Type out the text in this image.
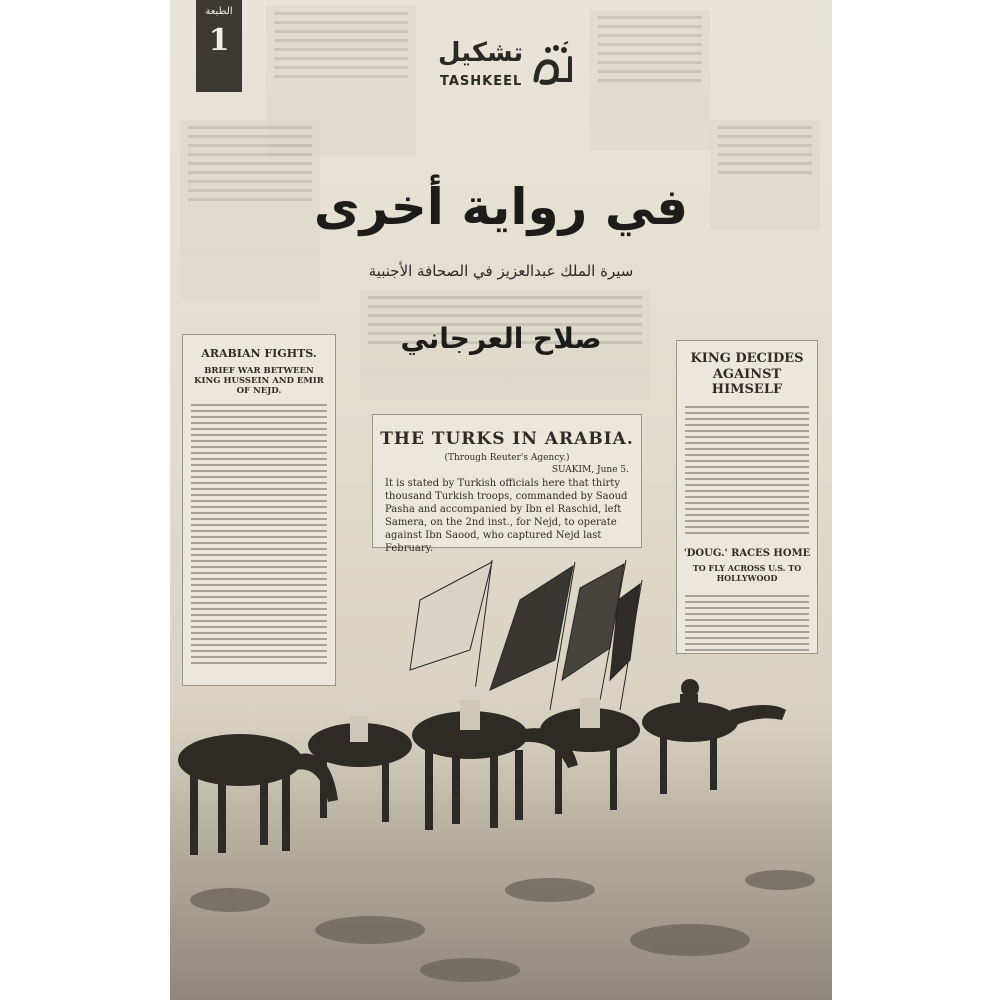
الطبعة
1	تشكيل
TASHKEEL
في رواية أخرى
سيرة الملك عبدالعزيز في الصحافة الأجنبية
صلاح العرجاني
ARABIAN FIGHTS.
BRIEF WAR BETWEEN KING HUSSEIN AND EMIR OF NEJD.
THE TURKS IN ARABIA.
(Through Reuter's Agency.)
SUAKIM, June 5.

It is stated by Turkish officials here that thirty thousand Turkish troops, commanded by Saoud Pasha and accompanied by Ibn el Raschid, left Samera, on the 2nd inst., for Nejd, to operate against Ibn Saood, who captured Nejd last February.

KING DECIDES AGAINST HIMSELF
'DOUG.' RACES HOME
TO FLY ACROSS U.S. TO HOLLYWOOD
